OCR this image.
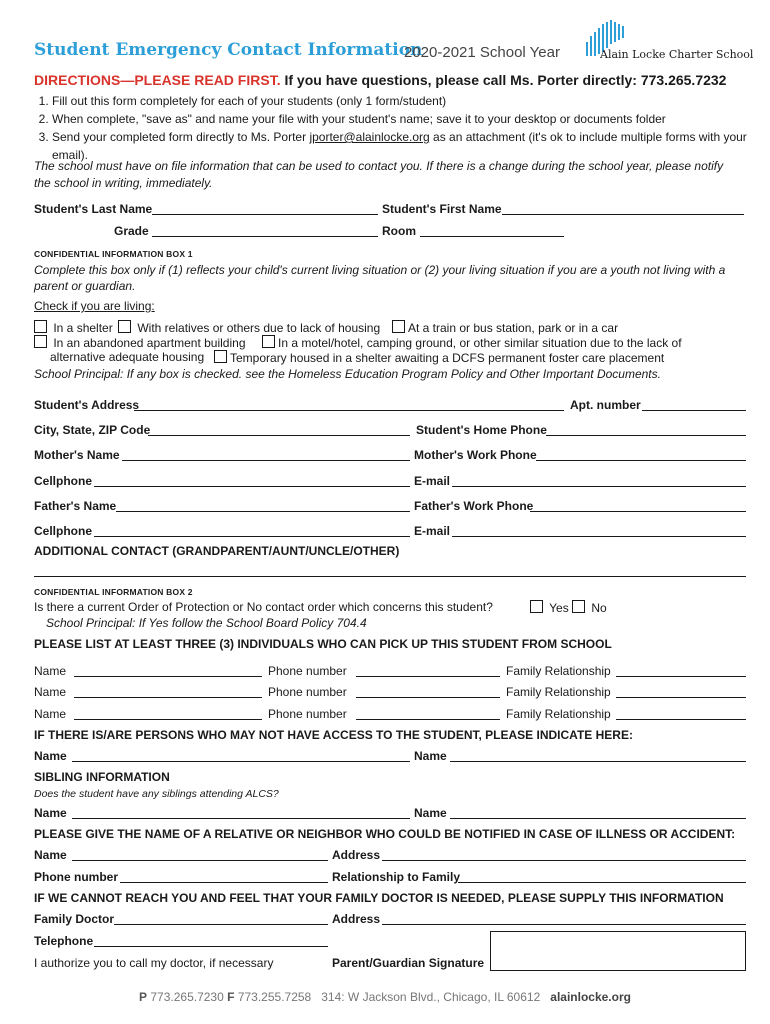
Student Emergency Contact Information
2020-2021 School Year	Alain Locke Charter School
DIRECTIONS—PLEASE READ FIRST. If you have questions, please call Ms. Porter directly: 773.265.7232
1. Fill out this form completely for each of your students (only 1 form/student)
2. When complete, "save as" and name your file with your student's name; save it to your desktop or documents folder
3. Send your completed form directly to Ms. Porter jporter@alainlocke.org as an attachment (it's ok to include multiple forms with your email).
The school must have on file information that can be used to contact you. If there is a change during the school year, please notify the school in writing, immediately.
Student's Last Name	Student's First Name
Grade	Room
CONFIDENTIAL INFORMATION BOX 1
Complete this box only if (1) reflects your child's current living situation or (2) your living situation if you are a youth not living with a parent or guardian.
Check if you are living:
In a shelter	With relatives or others due to lack of housing	At a train or bus station, park or in a car
In an abandoned apartment building	In a motel/hotel, camping ground, or other similar situation due to the lack of
alternative adequate housing	Temporary housed in a shelter awaiting a DCFS permanent foster care placement
School Principal: If any box is checked. see the Homeless Education Program Policy and Other Important Documents.
Student's Address	Apt. number
City, State, ZIP Code	Student's Home Phone
Mother's Name	Mother's Work Phone
Cellphone	E-mail
Father's Name	Father's Work Phone
Cellphone	E-mail
ADDITIONAL CONTACT (GRANDPARENT/AUNT/UNCLE/OTHER)
CONFIDENTIAL INFORMATION BOX 2
Is there a current Order of Protection or No contact order which concerns this student?	Yes	No
School Principal: If Yes follow the School Board Policy 704.4
PLEASE LIST AT LEAST THREE (3) INDIVIDUALS WHO CAN PICK UP THIS STUDENT FROM SCHOOL
Name	Phone number	Family Relationship
Name	Phone number	Family Relationship
Name	Phone number	Family Relationship
IF THERE IS/ARE PERSONS WHO MAY NOT HAVE ACCESS TO THE STUDENT, PLEASE INDICATE HERE:
Name	Name
SIBLING INFORMATION
Does the student have any siblings attending ALCS?
Name	Name
PLEASE GIVE THE NAME OF A RELATIVE OR NEIGHBOR WHO COULD BE NOTIFIED IN CASE OF ILLNESS OR ACCIDENT:
Name	Address
Phone number	Relationship to Family
IF WE CANNOT REACH YOU AND FEEL THAT YOUR FAMILY DOCTOR IS NEEDED, PLEASE SUPPLY THIS INFORMATION
Family Doctor	Address
Telephone
I authorize you to call my doctor, if necessary	Parent/Guardian Signature
P 773.265.7230 F 773.255.7258 314: W Jackson Blvd., Chicago, IL 60612 alainlocke.org
